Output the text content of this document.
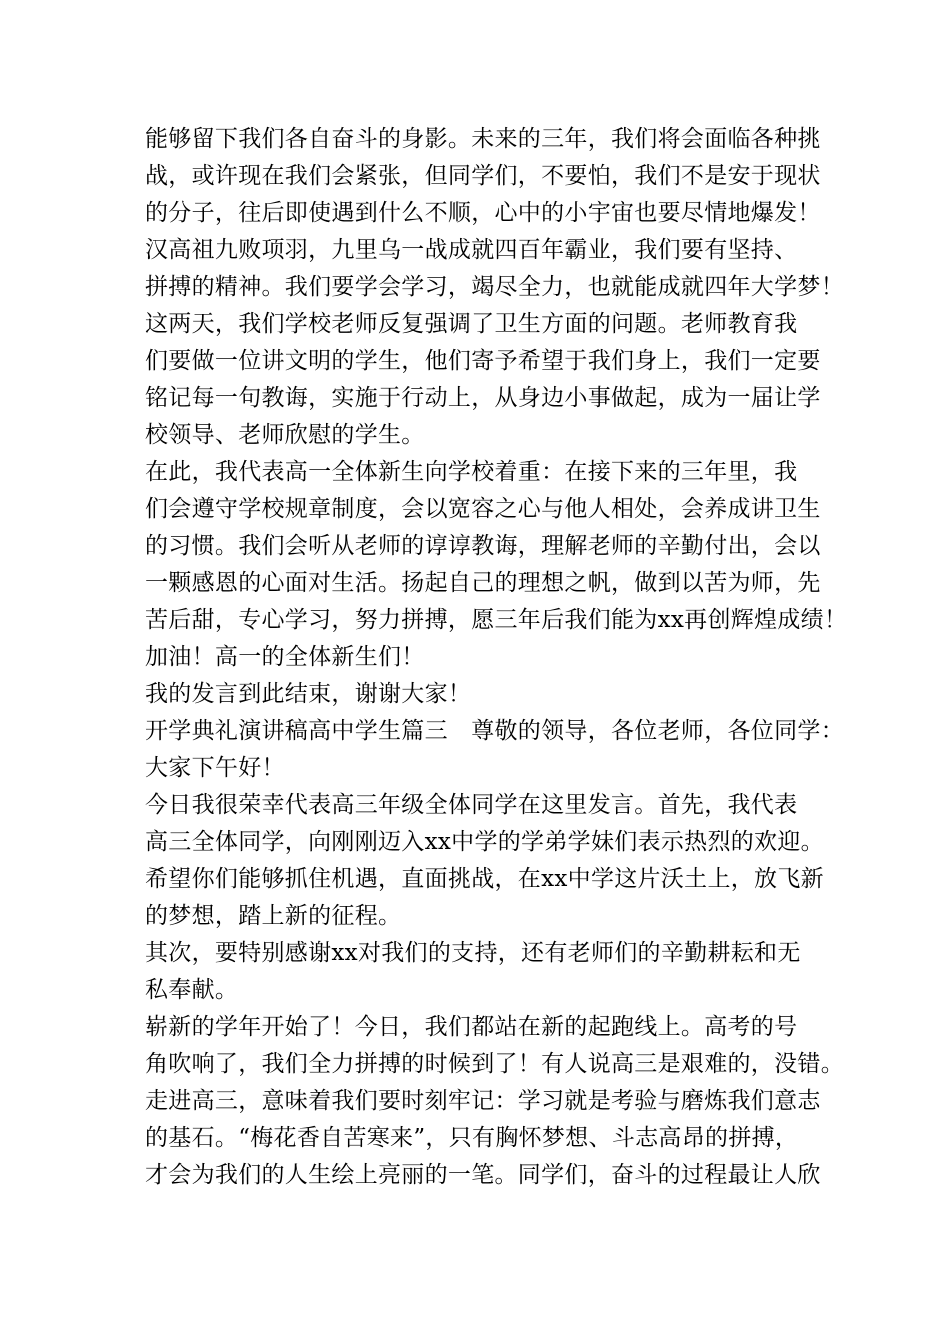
能够留下我们各自奋斗的身影。未来的三年，我们将会面临各种挑
战，或许现在我们会紧张，但同学们，不要怕，我们不是安于现状
的分子，往后即使遇到什么不顺，心中的小宇宙也要尽情地爆发！
汉高祖九败项羽，九里乌一战成就四百年霸业，我们要有坚持、
拼搏的精神。我们要学会学习，竭尽全力，也就能成就四年大学梦！
这两天，我们学校老师反复强调了卫生方面的问题。老师教育我
们要做一位讲文明的学生，他们寄予希望于我们身上，我们一定要
铭记每一句教诲，实施于行动上，从身边小事做起，成为一届让学
校领导、老师欣慰的学生。
在此，我代表高一全体新生向学校着重：在接下来的三年里，我
们会遵守学校规章制度，会以宽容之心与他人相处，会养成讲卫生
的习惯。我们会听从老师的谆谆教诲，理解老师的辛勤付出，会以
一颗感恩的心面对生活。扬起自己的理想之帆，做到以苦为师，先
苦后甜，专心学习，努力拼搏，愿三年后我们能为xx再创辉煌成绩！
加油！高一的全体新生们！
我的发言到此结束，谢谢大家！
开学典礼演讲稿高中学生篇三　尊敬的领导，各位老师，各位同学：
大家下午好！
今日我很荣幸代表高三年级全体同学在这里发言。首先，我代表
高三全体同学，向刚刚迈入xx中学的学弟学妹们表示热烈的欢迎。
希望你们能够抓住机遇，直面挑战，在xx中学这片沃土上，放飞新
的梦想，踏上新的征程。
其次，要特别感谢xx对我们的支持，还有老师们的辛勤耕耘和无
私奉献。
崭新的学年开始了！今日，我们都站在新的起跑线上。高考的号
角吹响了，我们全力拼搏的时候到了！有人说高三是艰难的，没错。
走进高三，意味着我们要时刻牢记：学习就是考验与磨炼我们意志
的基石。“梅花香自苦寒来”，只有胸怀梦想、斗志高昂的拼搏，
才会为我们的人生绘上亮丽的一笔。同学们，奋斗的过程最让人欣
